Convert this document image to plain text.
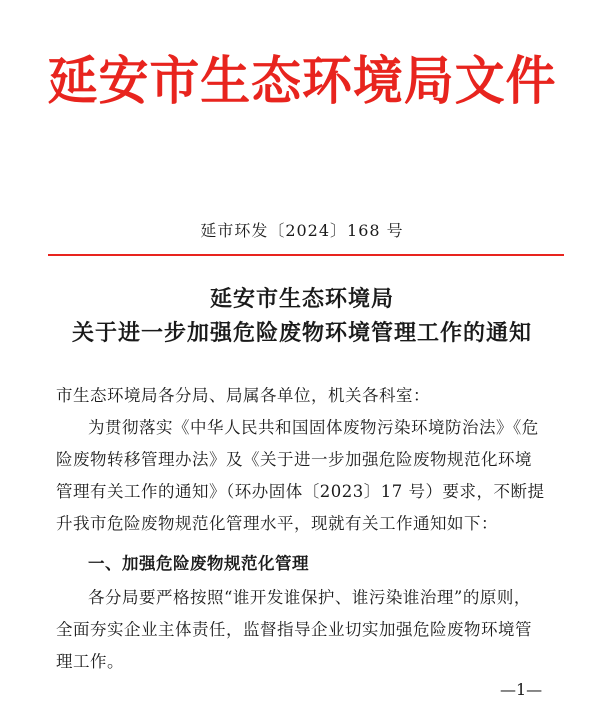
延安市生态环境局文件
延市环发〔2024〕168 号
延安市生态环境局
关于进一步加强危险废物环境管理工作的通知
市生态环境局各分局、局属各单位，机关各科室：
为贯彻落实《中华人民共和国固体废物污染环境防治法》《危
险废物转移管理办法》及《关于进一步加强危险废物规范化环境
管理有关工作的通知》（环办固体〔2023〕17 号）要求，不断提
升我市危险废物规范化管理水平，现就有关工作通知如下：
一、加强危险废物规范化管理
各分局要严格按照“谁开发谁保护、谁污染谁治理”的原则，
全面夯实企业主体责任，监督指导企业切实加强危险废物环境管
理工作。
—1—
